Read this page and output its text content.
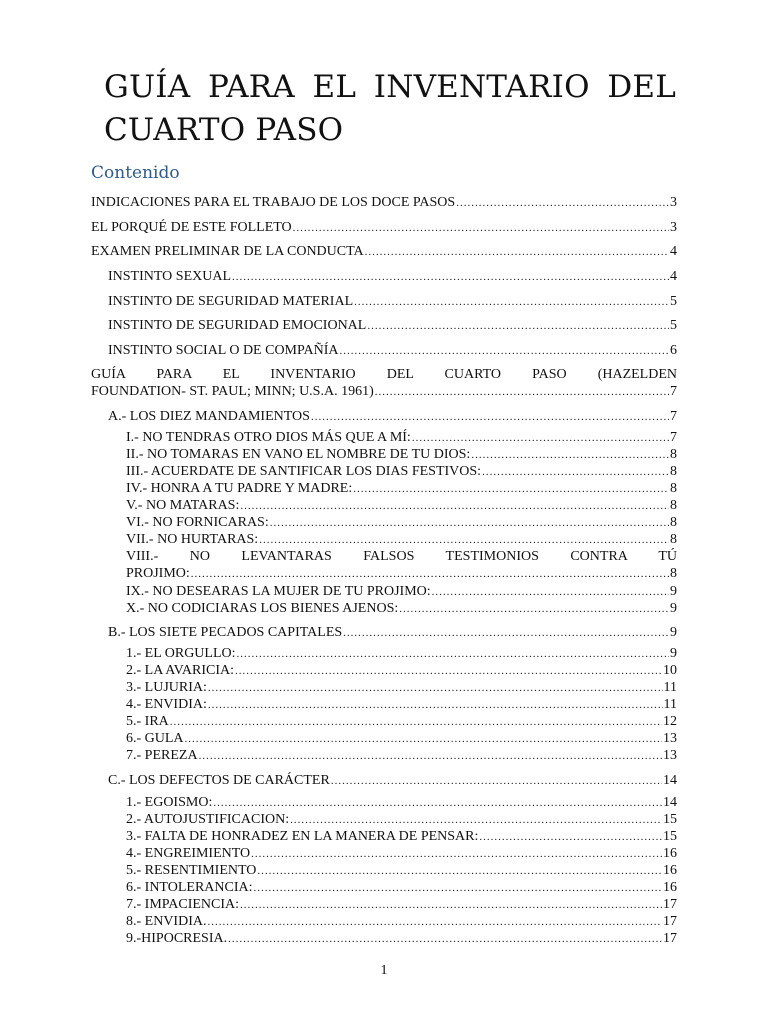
GUÍA PARA EL INVENTARIO DEL CUARTO PASO
Contenido
INDICACIONES PARA EL TRABAJO DE LOS DOCE PASOS .....	3
EL PORQUÉ DE ESTE FOLLETO .....	3
EXAMEN PRELIMINAR DE LA CONDUCTA .....	4
INSTINTO SEXUAL .....	4
INSTINTO DE SEGURIDAD MATERIAL .....	5
INSTINTO DE SEGURIDAD EMOCIONAL .....	5
INSTINTO SOCIAL O DE COMPAÑÍA .....	6
GUÍA PARA EL INVENTARIO DEL CUARTO PASO (HAZELDEN
FOUNDATION- ST. PAUL; MINN; U.S.A. 1961) .....	7
A.- LOS DIEZ MANDAMIENTOS .....	7
I.- NO TENDRAS OTRO DIOS MÁS QUE A MÍ: .....	7
II.- NO TOMARAS EN VANO EL NOMBRE DE TU DIOS: .....	8
III.- ACUERDATE DE SANTIFICAR LOS DIAS FESTIVOS: .....	8
IV.- HONRA A TU PADRE Y MADRE: .....	8
V.- NO MATARAS: .....	8
VI.- NO FORNICARAS: .....	8
VII.- NO HURTARAS: .....	8
VIII.- NO LEVANTARAS FALSOS TESTIMONIOS CONTRA TÚ
PROJIMO: .....	8
IX.- NO DESEARAS LA MUJER DE TU PROJIMO: .....	9
X.- NO CODICIARAS LOS BIENES AJENOS: .....	9
B.- LOS SIETE PECADOS CAPITALES .....	9
1.- EL ORGULLO: .....	9
2.- LA AVARICIA: .....	10
3.- LUJURIA: .....	11
4.- ENVIDIA: .....	11
5.- IRA .....	12
6.- GULA .....	13
7.- PEREZA .....	13
C.- LOS DEFECTOS DE CARÁCTER .....	14
1.- EGOISMO: .....	14
2.- AUTOJUSTIFICACION: .....	15
3.- FALTA DE HONRADEZ EN LA MANERA DE PENSAR: .....	15
4.- ENGREIMIENTO .....	16
5.- RESENTIMIENTO .....	16
6.- INTOLERANCIA: .....	16
7.- IMPACIENCIA: .....	17
8.- ENVIDIA. .....	17
9.-HIPOCRESIA. .....	17
1
